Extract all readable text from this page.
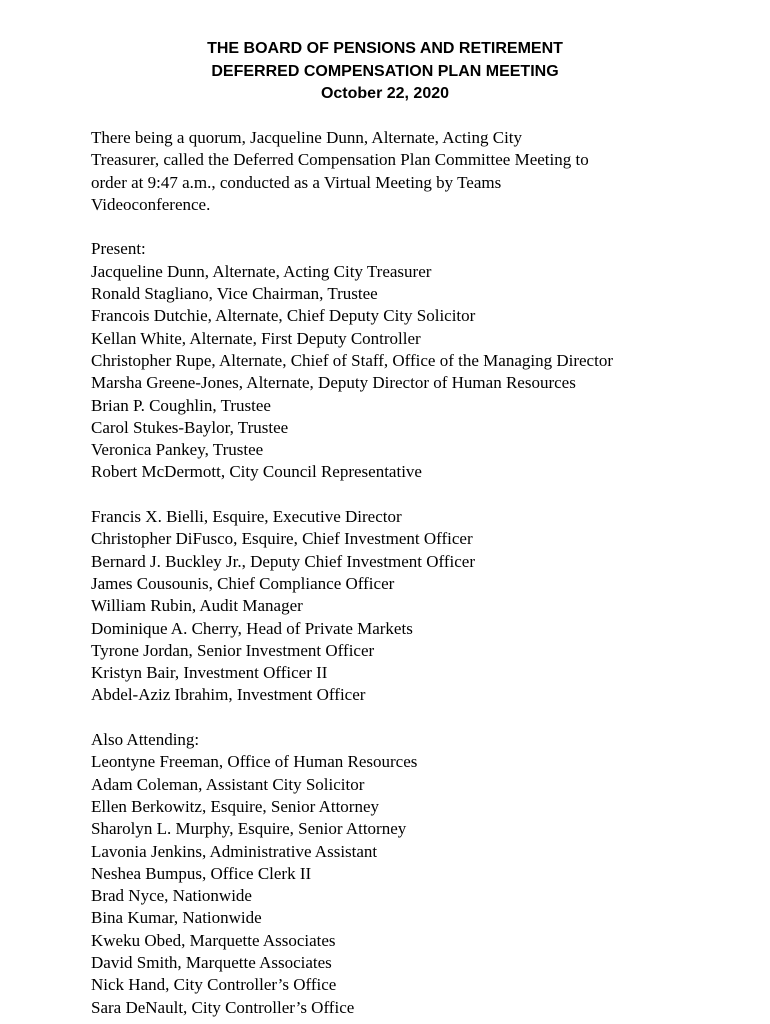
THE BOARD OF PENSIONS AND RETIREMENT
DEFERRED COMPENSATION PLAN MEETING
October 22, 2020
There being a quorum, Jacqueline Dunn, Alternate, Acting City
Treasurer, called the Deferred Compensation Plan Committee Meeting to
order at 9:47 a.m., conducted as a Virtual Meeting by Teams
Videoconference.
Present:
Jacqueline Dunn, Alternate, Acting City Treasurer
Ronald Stagliano, Vice Chairman, Trustee
Francois Dutchie, Alternate, Chief Deputy City Solicitor
Kellan White, Alternate, First Deputy Controller
Christopher Rupe, Alternate, Chief of Staff, Office of the Managing Director
Marsha Greene-Jones, Alternate, Deputy Director of Human Resources
Brian P. Coughlin, Trustee
Carol Stukes-Baylor, Trustee
Veronica Pankey, Trustee
Robert McDermott, City Council Representative
Francis X. Bielli, Esquire, Executive Director
Christopher DiFusco, Esquire, Chief Investment Officer
Bernard J. Buckley Jr., Deputy Chief Investment Officer
James Cousounis, Chief Compliance Officer
William Rubin, Audit Manager
Dominique A. Cherry, Head of Private Markets
Tyrone Jordan, Senior Investment Officer
Kristyn Bair, Investment Officer II
Abdel-Aziz Ibrahim, Investment Officer
Also Attending:
Leontyne Freeman, Office of Human Resources
Adam Coleman, Assistant City Solicitor
Ellen Berkowitz, Esquire, Senior Attorney
Sharolyn L. Murphy, Esquire, Senior Attorney
Lavonia Jenkins, Administrative Assistant
Neshea Bumpus, Office Clerk II
Brad Nyce, Nationwide
Bina Kumar, Nationwide
Kweku Obed, Marquette Associates
David Smith, Marquette Associates
Nick Hand, City Controller’s Office
Sara DeNault, City Controller’s Office
